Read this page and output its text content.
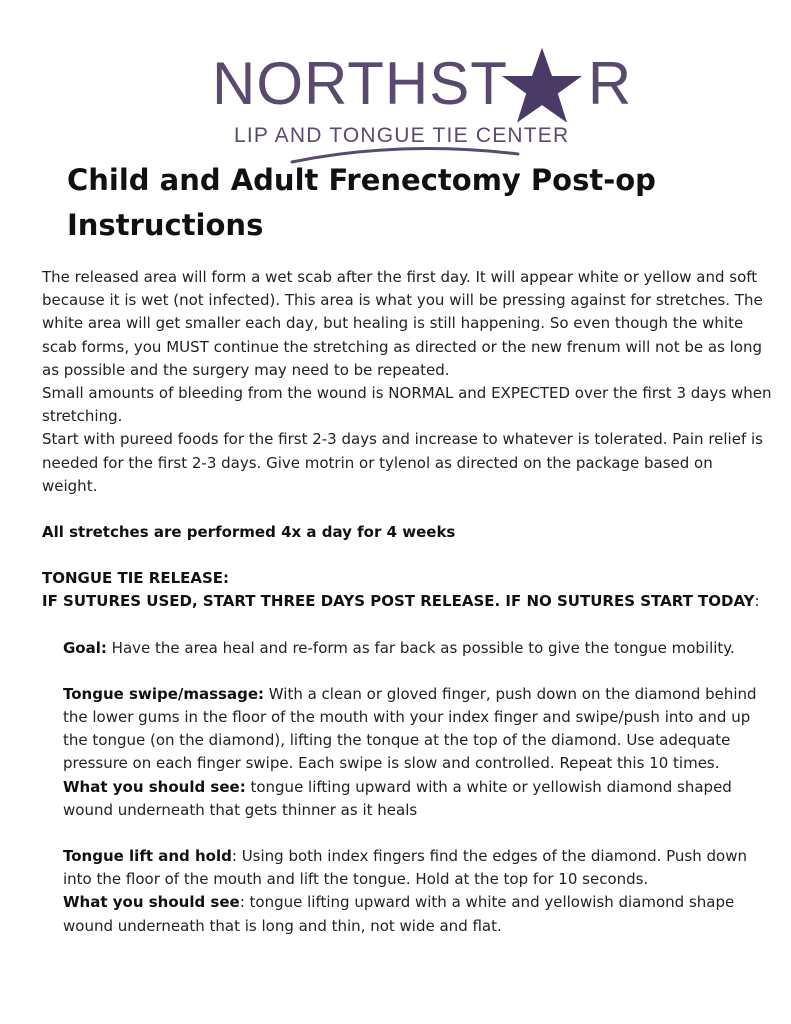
NORTHST R
LIP AND TONGUE TIE CENTER
Child and Adult Frenectomy Post-op Instructions

The released area will form a wet scab after the first day. It will appear white or yellow and soft because it is wet (not infected). This area is what you will be pressing against for stretches. The white area will get smaller each day, but healing is still happening. So even though the white scab forms, you MUST continue the stretching as directed or the new frenum will not be as long as possible and the surgery may need to be repeated.

Small amounts of bleeding from the wound is NORMAL and EXPECTED over the first 3 days when stretching.

Start with pureed foods for the first 2-3 days and increase to whatever is tolerated. Pain relief is needed for the first 2-3 days. Give motrin or tylenol as directed on the package based on weight.

All stretches are performed 4x a day for 4 weeks

TONGUE TIE RELEASE:

IF SUTURES USED, START THREE DAYS POST RELEASE. IF NO SUTURES START TODAY:

Goal: Have the area heal and re-form as far back as possible to give the tongue mobility.

Tongue swipe/massage: With a clean or gloved finger, push down on the diamond behind the lower gums in the floor of the mouth with your index finger and swipe/push into and up the tongue (on the diamond), lifting the tonque at the top of the diamond. Use adequate pressure on each finger swipe. Each swipe is slow and controlled. Repeat this 10 times.

What you should see: tongue lifting upward with a white or yellowish diamond shaped wound underneath that gets thinner as it heals

Tongue lift and hold: Using both index fingers find the edges of the diamond. Push down into the floor of the mouth and lift the tongue. Hold at the top for 10 seconds.

What you should see: tongue lifting upward with a white and yellowish diamond shape wound underneath that is long and thin, not wide and flat.
